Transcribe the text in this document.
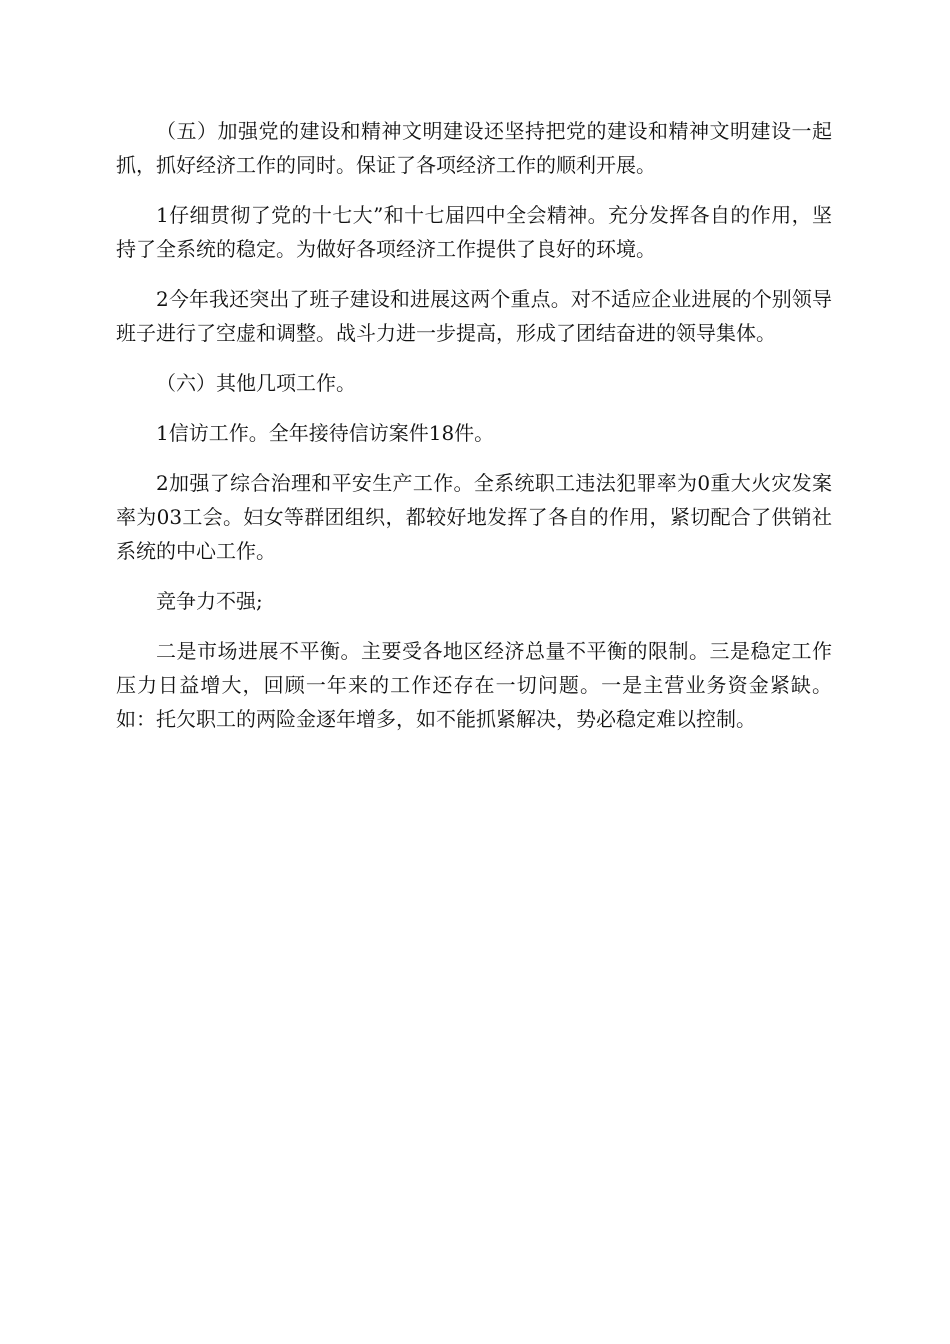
（五）加强党的建设和精神文明建设还坚持把党的建设和精神文明建设一起抓，抓好经济工作的同时。保证了各项经济工作的顺利开展。

1仔细贯彻了党的十七大”和十七届四中全会精神。充分发挥各自的作用，坚持了全系统的稳定。为做好各项经济工作提供了良好的环境。

2今年我还突出了班子建设和进展这两个重点。对不适应企业进展的个别领导班子进行了空虚和调整。战斗力进一步提高，形成了团结奋进的领导集体。

（六）其他几项工作。

1信访工作。全年接待信访案件18件。

2加强了综合治理和平安生产工作。全系统职工违法犯罪率为0重大火灾发案率为03工会。妇女等群团组织，都较好地发挥了各自的作用，紧切配合了供销社系统的中心工作。

竞争力不强;

二是市场进展不平衡。主要受各地区经济总量不平衡的限制。三是稳定工作压力日益增大，回顾一年来的工作还存在一切问题。一是主营业务资金紧缺。如：托欠职工的两险金逐年增多，如不能抓紧解决，势必稳定难以控制。
